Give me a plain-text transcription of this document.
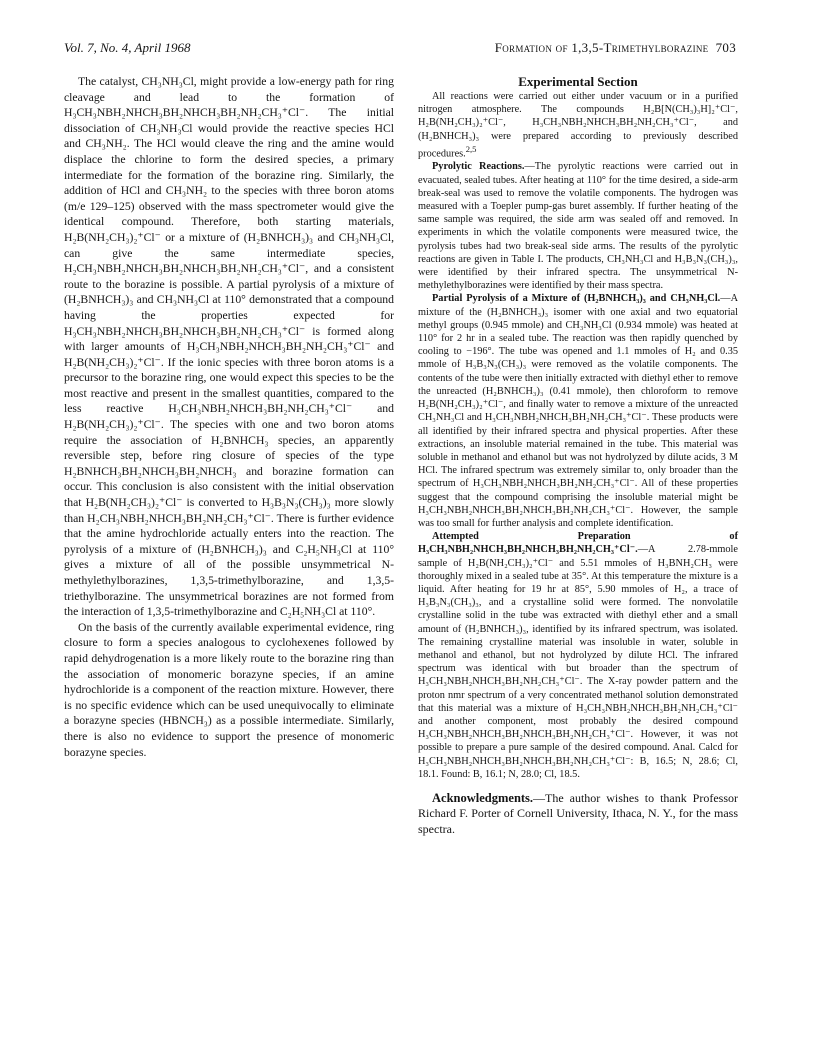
Vol. 7, No. 4, April 1968	Formation of 1,3,5-Trimethylborazine 703

The catalyst, CH₃NH₃Cl, might provide a low-energy path for ring cleavage and lead to the formation of H₃CH₃NBH₂NHCH₃BH₂NHCH₃BH₂NH₂CH₃⁺Cl⁻. The initial dissociation of CH₃NH₃Cl would provide the reactive species HCl and CH₃NH₂. The HCl would cleave the ring and the amine would displace the chlorine to form the desired species, a primary intermediate for the formation of the borazine ring. Similarly, the addition of HCl and CH₃NH₂ to the species with three boron atoms (m/e 129–125) observed with the mass spectrometer would give the identical compound. Therefore, both starting materials, H₂B(NH₂CH₃)₂⁺Cl⁻ or a mixture of (H₂BNHCH₃)₃ and CH₃NH₃Cl, can give the same intermediate species, H₂CH₃NBH₂NHCH₃BH₂NHCH₃BH₂NH₂CH₃⁺Cl⁻, and a consistent route to the borazine is possible. A partial pyrolysis of a mixture of (H₂BNHCH₃)₃ and CH₃NH₃Cl at 110° demonstrated that a compound having the properties expected for H₃CH₃NBH₂NHCH₃BH₂NHCH₃BH₂NH₂CH₃⁺Cl⁻ is formed along with larger amounts of H₃CH₃NBH₂NHCH₃BH₂NH₂CH₃⁺Cl⁻ and H₂B(NH₂CH₃)₂⁺Cl⁻. If the ionic species with three boron atoms is a precursor to the borazine ring, one would expect this species to be the most reactive and present in the smallest quantities, compared to the less reactive H₃CH₃NBH₂NHCH₃BH₂NH₂CH₃⁺Cl⁻ and H₂B(NH₂CH₃)₂⁺Cl⁻. The species with one and two boron atoms require the association of H₂BNHCH₃ species, an apparently reversible step, before ring closure of species of the type H₂BNHCH₃BH₂NHCH₃BH₂NHCH₃ and borazine formation can occur. This conclusion is also consistent with the initial observation that H₂B(NH₂CH₃)₂⁺Cl⁻ is converted to H₃B₃N₃(CH₃)₃ more slowly than H₂CH₃NBH₂NHCH₃BH₂NH₂CH₃⁺Cl⁻. There is further evidence that the amine hydrochloride actually enters into the reaction. The pyrolysis of a mixture of (H₂BNHCH₃)₃ and C₂H₅NH₃Cl at 110° gives a mixture of all of the possible unsymmetrical N-methylethylborazines, 1,3,5-trimethylborazine, and 1,3,5-triethylborazine. The unsymmetrical borazines are not formed from the interaction of 1,3,5-trimethylborazine and C₂H₅NH₃Cl at 110°.

On the basis of the currently available experimental evidence, ring closure to form a species analogous to cyclohexenes followed by rapid dehydrogenation is a more likely route to the borazine ring than the association of monomeric borazyne species, if an amine hydrochloride is a component of the reaction mixture. However, there is no specific evidence which can be used unequivocally to eliminate a borazyne species (HBNCH₃) as a possible intermediate. Similarly, there is also no evidence to support the presence of monomeric borazyne species.

Experimental Section

All reactions were carried out either under vacuum or in a purified nitrogen atmosphere. The compounds H₂B[N(CH₃)₃H]₂⁺Cl⁻, H₂B(NH₂CH₃)₂⁺Cl⁻, H₃CH₃NBH₂NHCH₃BH₂NH₂CH₃⁺Cl⁻, and (H₂BNHCH₃)₃ were prepared according to previously described procedures.$^{2,5}$

Pyrolytic Reactions.—The pyrolytic reactions were carried out in evacuated, sealed tubes. After heating at 110° for the time desired, a side-arm break-seal was used to remove the volatile components. The hydrogen was measured with a Toepler pump-gas buret assembly. If further heating of the same sample was required, the side arm was sealed off and removed. In experiments in which the volatile components were measured twice, the pyrolysis tubes had two break-seal side arms. The results of the pyrolytic reactions are given in Table I. The products, CH₃NH₃Cl and H₃B₃N₃(CH₃)₃, were identified by their infrared spectra. The unsymmetrical N-methylethylborazines were identified by their mass spectra.

Partial Pyrolysis of a Mixture of (H₂BNHCH₃)₃ and CH₃NH₃Cl.—A mixture of the (H₂BNHCH₃)₃ isomer with one axial and two equatorial methyl groups (0.945 mmole) and CH₃NH₃Cl (0.934 mmole) was heated at 110° for 2 hr in a sealed tube. The reaction was then rapidly quenched by cooling to −196°. The tube was opened and 1.1 mmoles of H₂ and 0.35 mmole of H₃B₃N₃(CH₃)₃ were removed as the volatile components. The contents of the tube were then initially extracted with diethyl ether to remove the unreacted (H₂BNHCH₃)₃ (0.41 mmole), then chloroform to remove H₂B(NH₂CH₃)₂⁺Cl⁻, and finally water to remove a mixture of the unreacted CH₃NH₃Cl and H₃CH₃NBH₂NHCH₃BH₂NH₂CH₃⁺Cl⁻. These products were all identified by their infrared spectra and physical properties. After these extractions, an insoluble material remained in the tube. This material was soluble in methanol and ethanol but was not hydrolyzed by dilute acids, 3 M HCl. The infrared spectrum was extremely similar to, only broader than the spectrum of H₃CH₃NBH₂NHCH₃BH₂NH₂CH₃⁺Cl⁻. All of these properties suggest that the compound comprising the insoluble material might be H₃CH₃NBH₂NHCH₃BH₂NHCH₃BH₂NH₂CH₃⁺Cl⁻. However, the sample was too small for further analysis and complete identification.

Attempted Preparation of H₃CH₃NBH₂NHCH₃BH₂NHCH₃BH₂NH₂CH₃⁺Cl⁻.—A 2.78-mmole sample of H₂B(NH₂CH₃)₂⁺Cl⁻ and 5.51 mmoles of H₃BNH₂CH₃ were thoroughly mixed in a sealed tube at 35°. At this temperature the mixture is a liquid. After heating for 19 hr at 85°, 5.90 mmoles of H₂, a trace of H₃B₃N₃(CH₃)₃, and a crystalline solid were formed. The nonvolatile crystalline solid in the tube was extracted with diethyl ether and a small amount of (H₂BNHCH₃)₃, identified by its infrared spectrum, was isolated. The remaining crystalline material was insoluble in water, soluble in methanol and ethanol, but not hydrolyzed by dilute HCl. The infrared spectrum was identical with but broader than the spectrum of H₃CH₃NBH₂NHCH₃BH₂NH₂CH₃⁺Cl⁻. The X-ray powder pattern and the proton nmr spectrum of a very concentrated methanol solution demonstrated that this material was a mixture of H₃CH₃NBH₂NHCH₃BH₂NH₂CH₃⁺Cl⁻ and another component, most probably the desired compound H₃CH₃NBH₂NHCH₃BH₂NHCH₃BH₂NH₂CH₃⁺Cl⁻. However, it was not possible to prepare a pure sample of the desired compound. Anal. Calcd for H₃CH₃NBH₂NHCH₃BH₂NHCH₃BH₂NH₂CH₃⁺Cl⁻: B, 16.5; N, 28.6; Cl, 18.1. Found: B, 16.1; N, 28.0; Cl, 18.5.

Acknowledgments.—The author wishes to thank Professor Richard F. Porter of Cornell University, Ithaca, N. Y., for the mass spectra.
